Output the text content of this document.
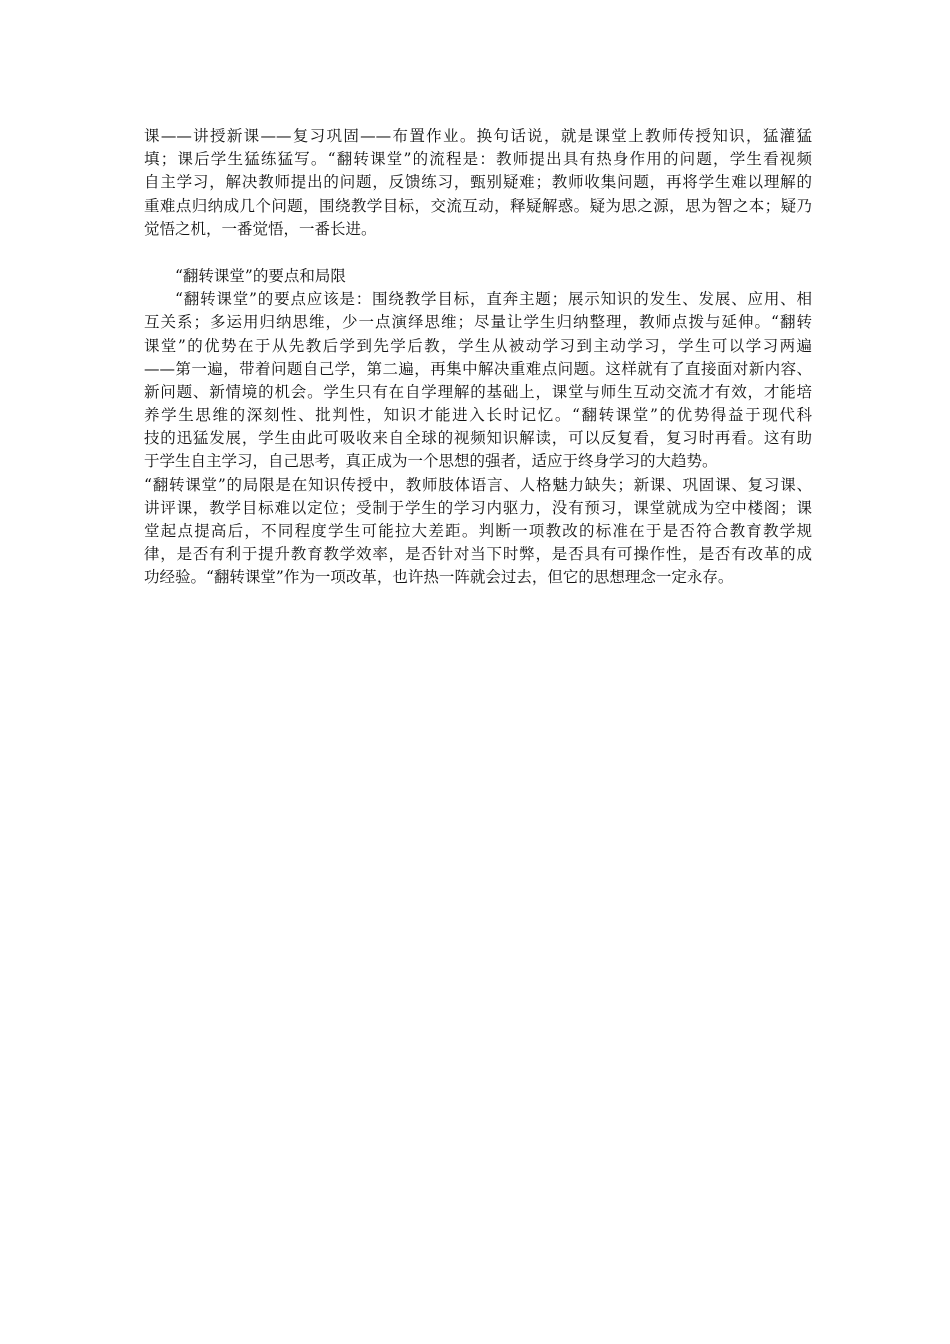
课——讲授新课——复习巩固——布置作业。换句话说，就是课堂上教师传授知识，猛灌猛
填；课后学生猛练猛写。“翻转课堂”的流程是：教师提出具有热身作用的问题，学生看视频
自主学习，解决教师提出的问题，反馈练习，甄别疑难；教师收集问题，再将学生难以理解的
重难点归纳成几个问题，围绕教学目标，交流互动，释疑解惑。疑为思之源，思为智之本；疑乃
觉悟之机，一番觉悟，一番长进。
“翻转课堂”的要点和局限
“翻转课堂”的要点应该是：围绕教学目标，直奔主题；展示知识的发生、发展、应用、相
互关系；多运用归纳思维，少一点演绎思维；尽量让学生归纳整理，教师点拨与延伸。“翻转
课堂”的优势在于从先教后学到先学后教，学生从被动学习到主动学习，学生可以学习两遍
——第一遍，带着问题自己学，第二遍，再集中解决重难点问题。这样就有了直接面对新内容、
新问题、新情境的机会。学生只有在自学理解的基础上，课堂与师生互动交流才有效，才能培
养学生思维的深刻性、批判性，知识才能进入长时记忆。“翻转课堂”的优势得益于现代科
技的迅猛发展，学生由此可吸收来自全球的视频知识解读，可以反复看，复习时再看。这有助
于学生自主学习，自己思考，真正成为一个思想的强者，适应于终身学习的大趋势。
“翻转课堂”的局限是在知识传授中，教师肢体语言、人格魅力缺失；新课、巩固课、复习课、
讲评课，教学目标难以定位；受制于学生的学习内驱力，没有预习，课堂就成为空中楼阁；课
堂起点提高后，不同程度学生可能拉大差距。判断一项教改的标准在于是否符合教育教学规
律，是否有利于提升教育教学效率，是否针对当下时弊，是否具有可操作性，是否有改革的成
功经验。“翻转课堂”作为一项改革，也许热一阵就会过去，但它的思想理念一定永存。
